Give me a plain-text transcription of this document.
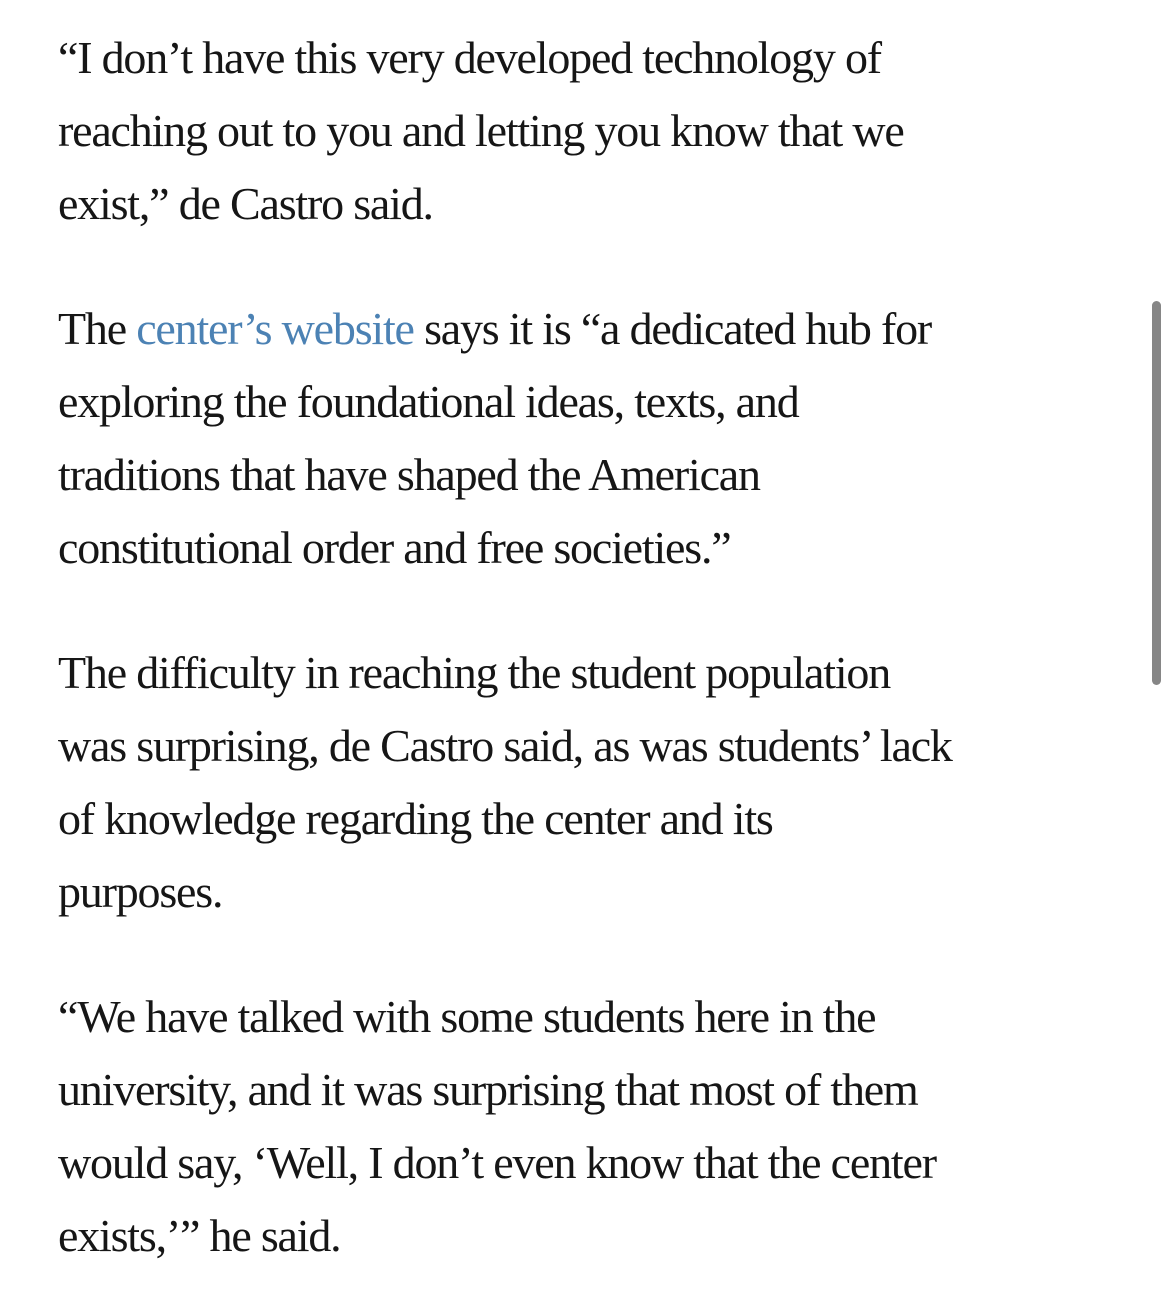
“I don’t have this very developed technology of
reaching out to you and letting you know that we
exist,” de Castro said.

The center’s website says it is “a dedicated hub for
exploring the foundational ideas, texts, and
traditions that have shaped the American
constitutional order and free societies.”

The difficulty in reaching the student population
was surprising, de Castro said, as was students’ lack
of knowledge regarding the center and its
purposes.

“We have talked with some students here in the
university, and it was surprising that most of them
would say, ‘Well, I don’t even know that the center
exists,’” he said.
